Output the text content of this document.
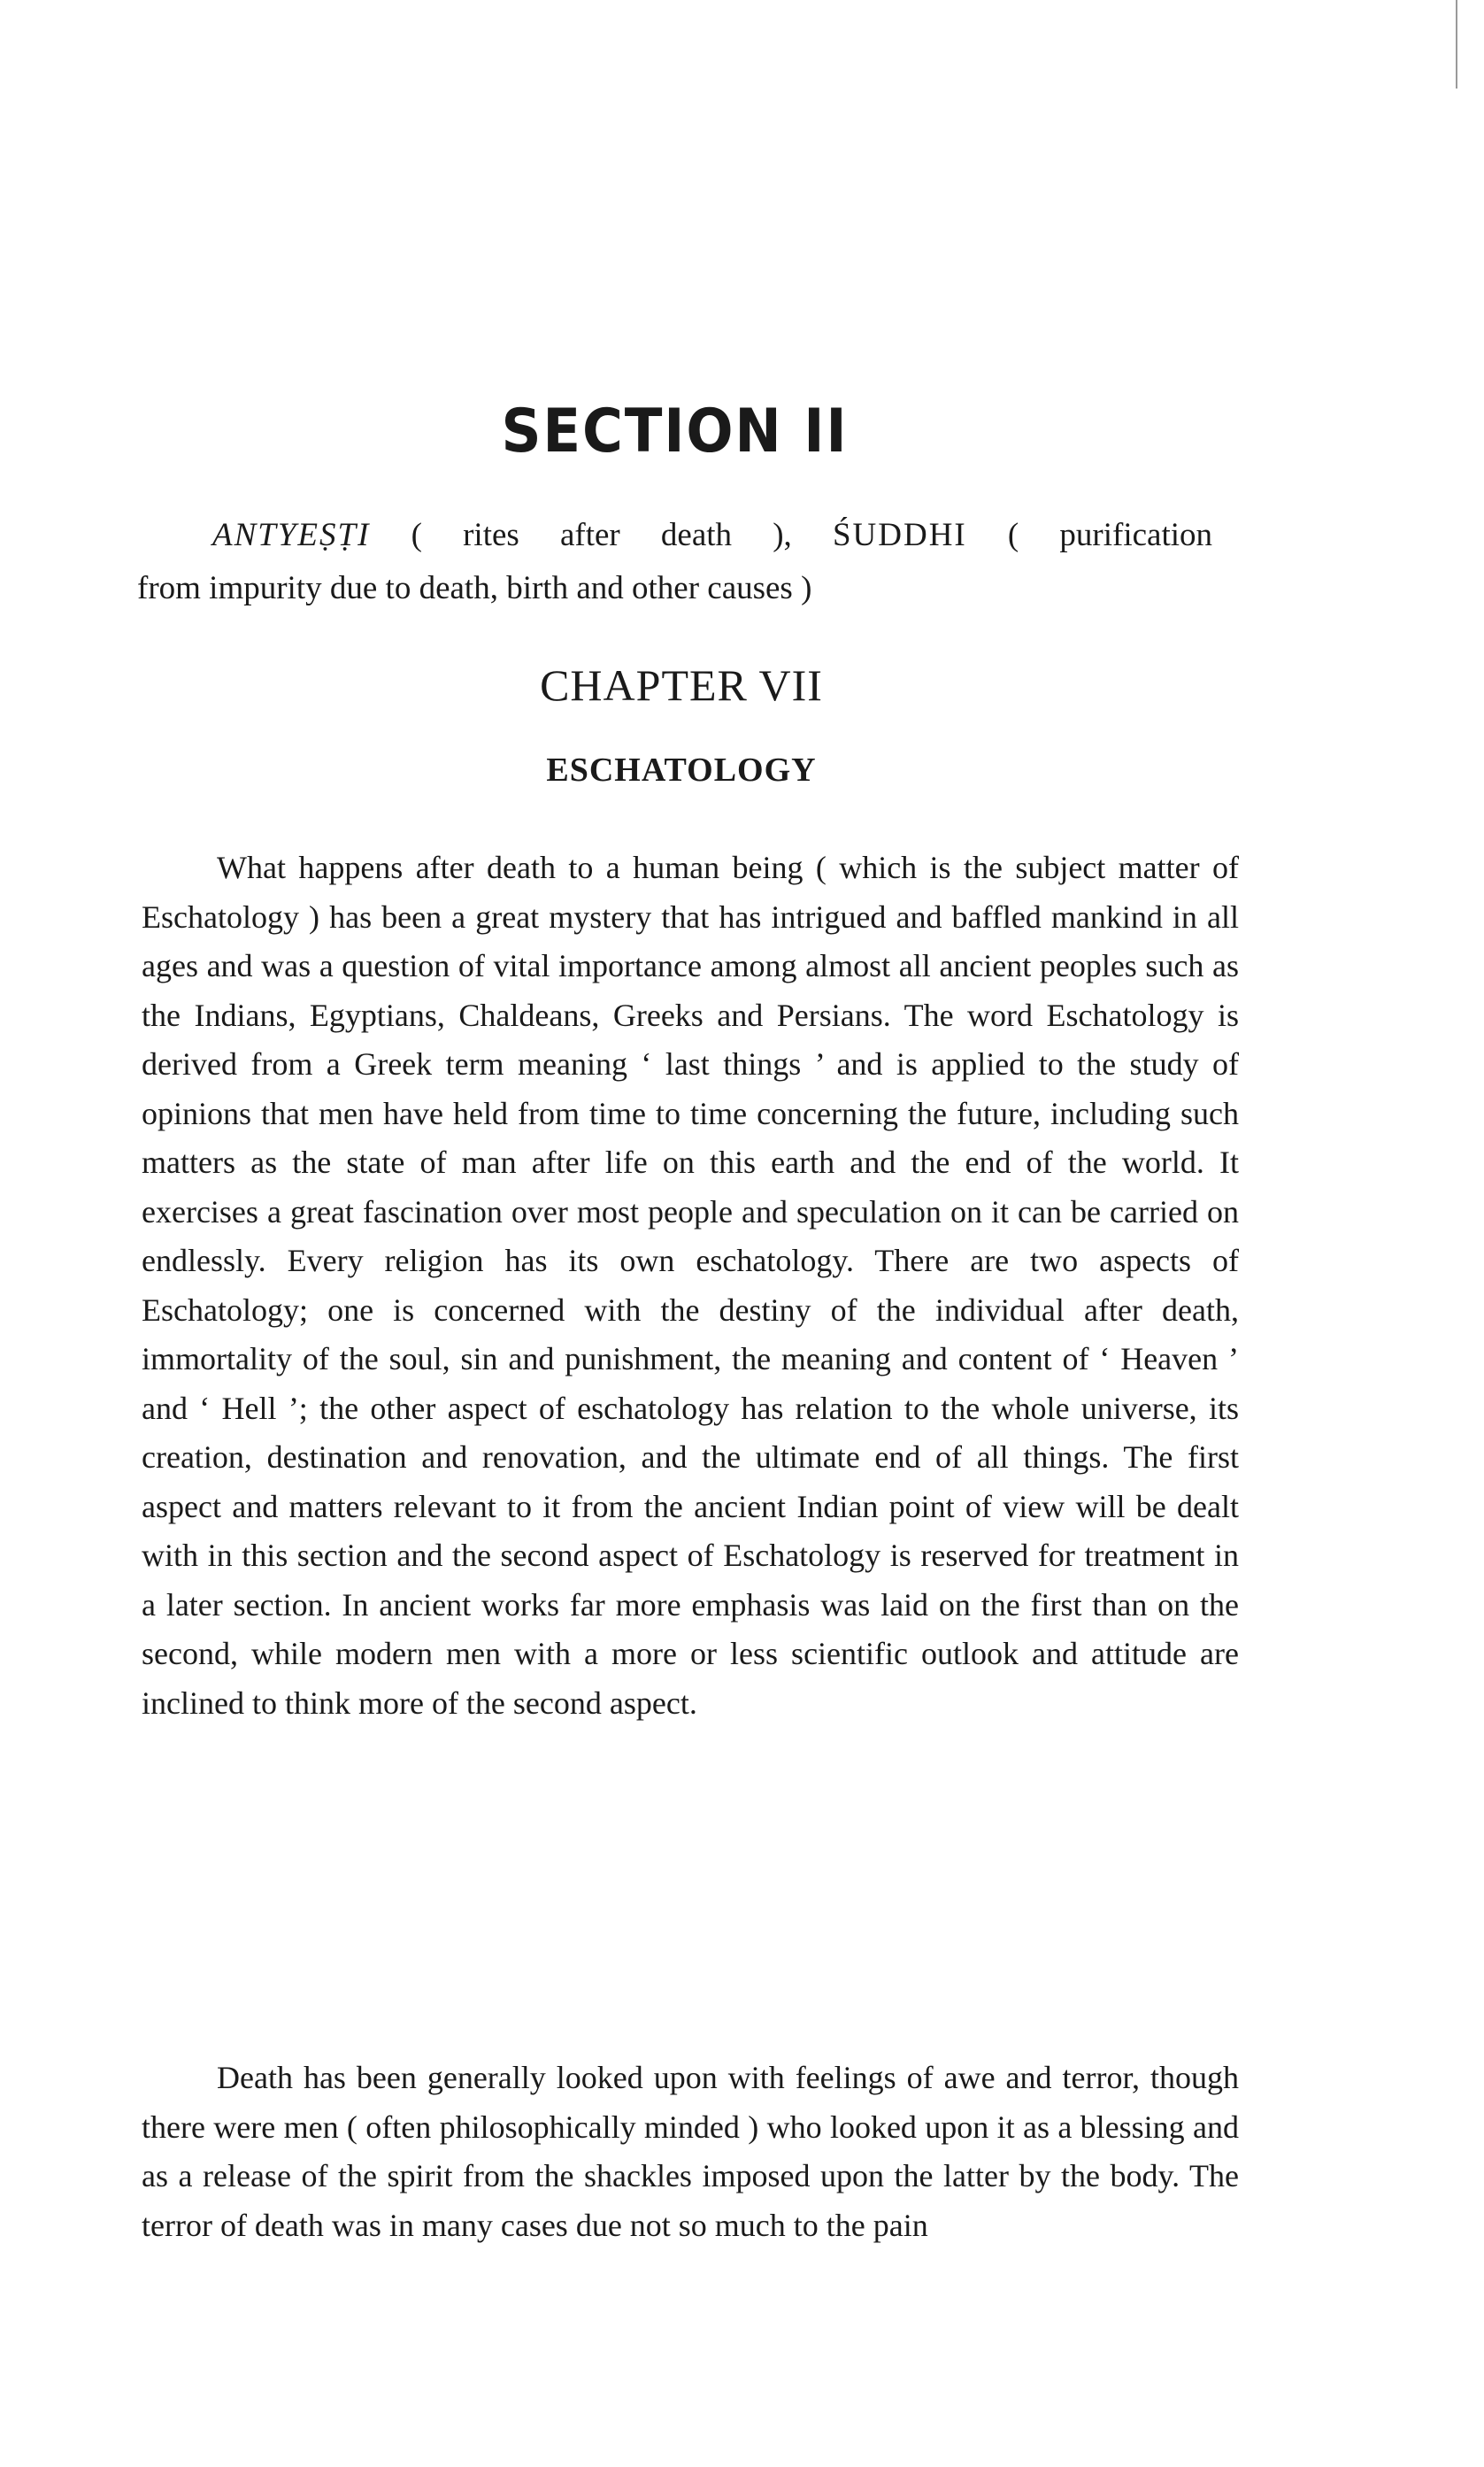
SECTION II
ANTYEṢṬI ( rites after death ), ŚUDDHI ( purification
from impurity due to death, birth and other causes )
CHAPTER VII
ESCHATOLOGY

What happens after death to a human being ( which is the subject matter of Eschatology ) has been a great mystery that has intrigued and baffled mankind in all ages and was a question of vital importance among almost all ancient peoples such as the Indians, Egyptians, Chaldeans, Greeks and Persians. The word Eschatology is derived from a Greek term meaning ‘ last things ’ and is applied to the study of opinions that men have held from time to time concerning the future, including such matters as the state of man after life on this earth and the end of the world. It exercises a great fascination over most people and speculation on it can be carried on endlessly. Every religion has its own eschatology. There are two aspects of Eschatology; one is concerned with the destiny of the individual after death, immortality of the soul, sin and punishment, the meaning and content of ‘ Heaven ’ and ‘ Hell ’; the other aspect of eschatology has relation to the whole universe, its creation, destination and renovation, and the ultimate end of all things. The first aspect and matters relevant to it from the ancient Indian point of view will be dealt with in this section and the second aspect of Eschatology is reserved for treatment in a later section. In ancient works far more emphasis was laid on the first than on the second, while modern men with a more or less scientific outlook and attitude are inclined to think more of the second aspect.

Death has been generally looked upon with feelings of awe and terror, though there were men ( often philosophically minded ) who looked upon it as a blessing and as a release of the spirit from the shackles imposed upon the latter by the body. The terror of death was in many cases due not so much to the pain
